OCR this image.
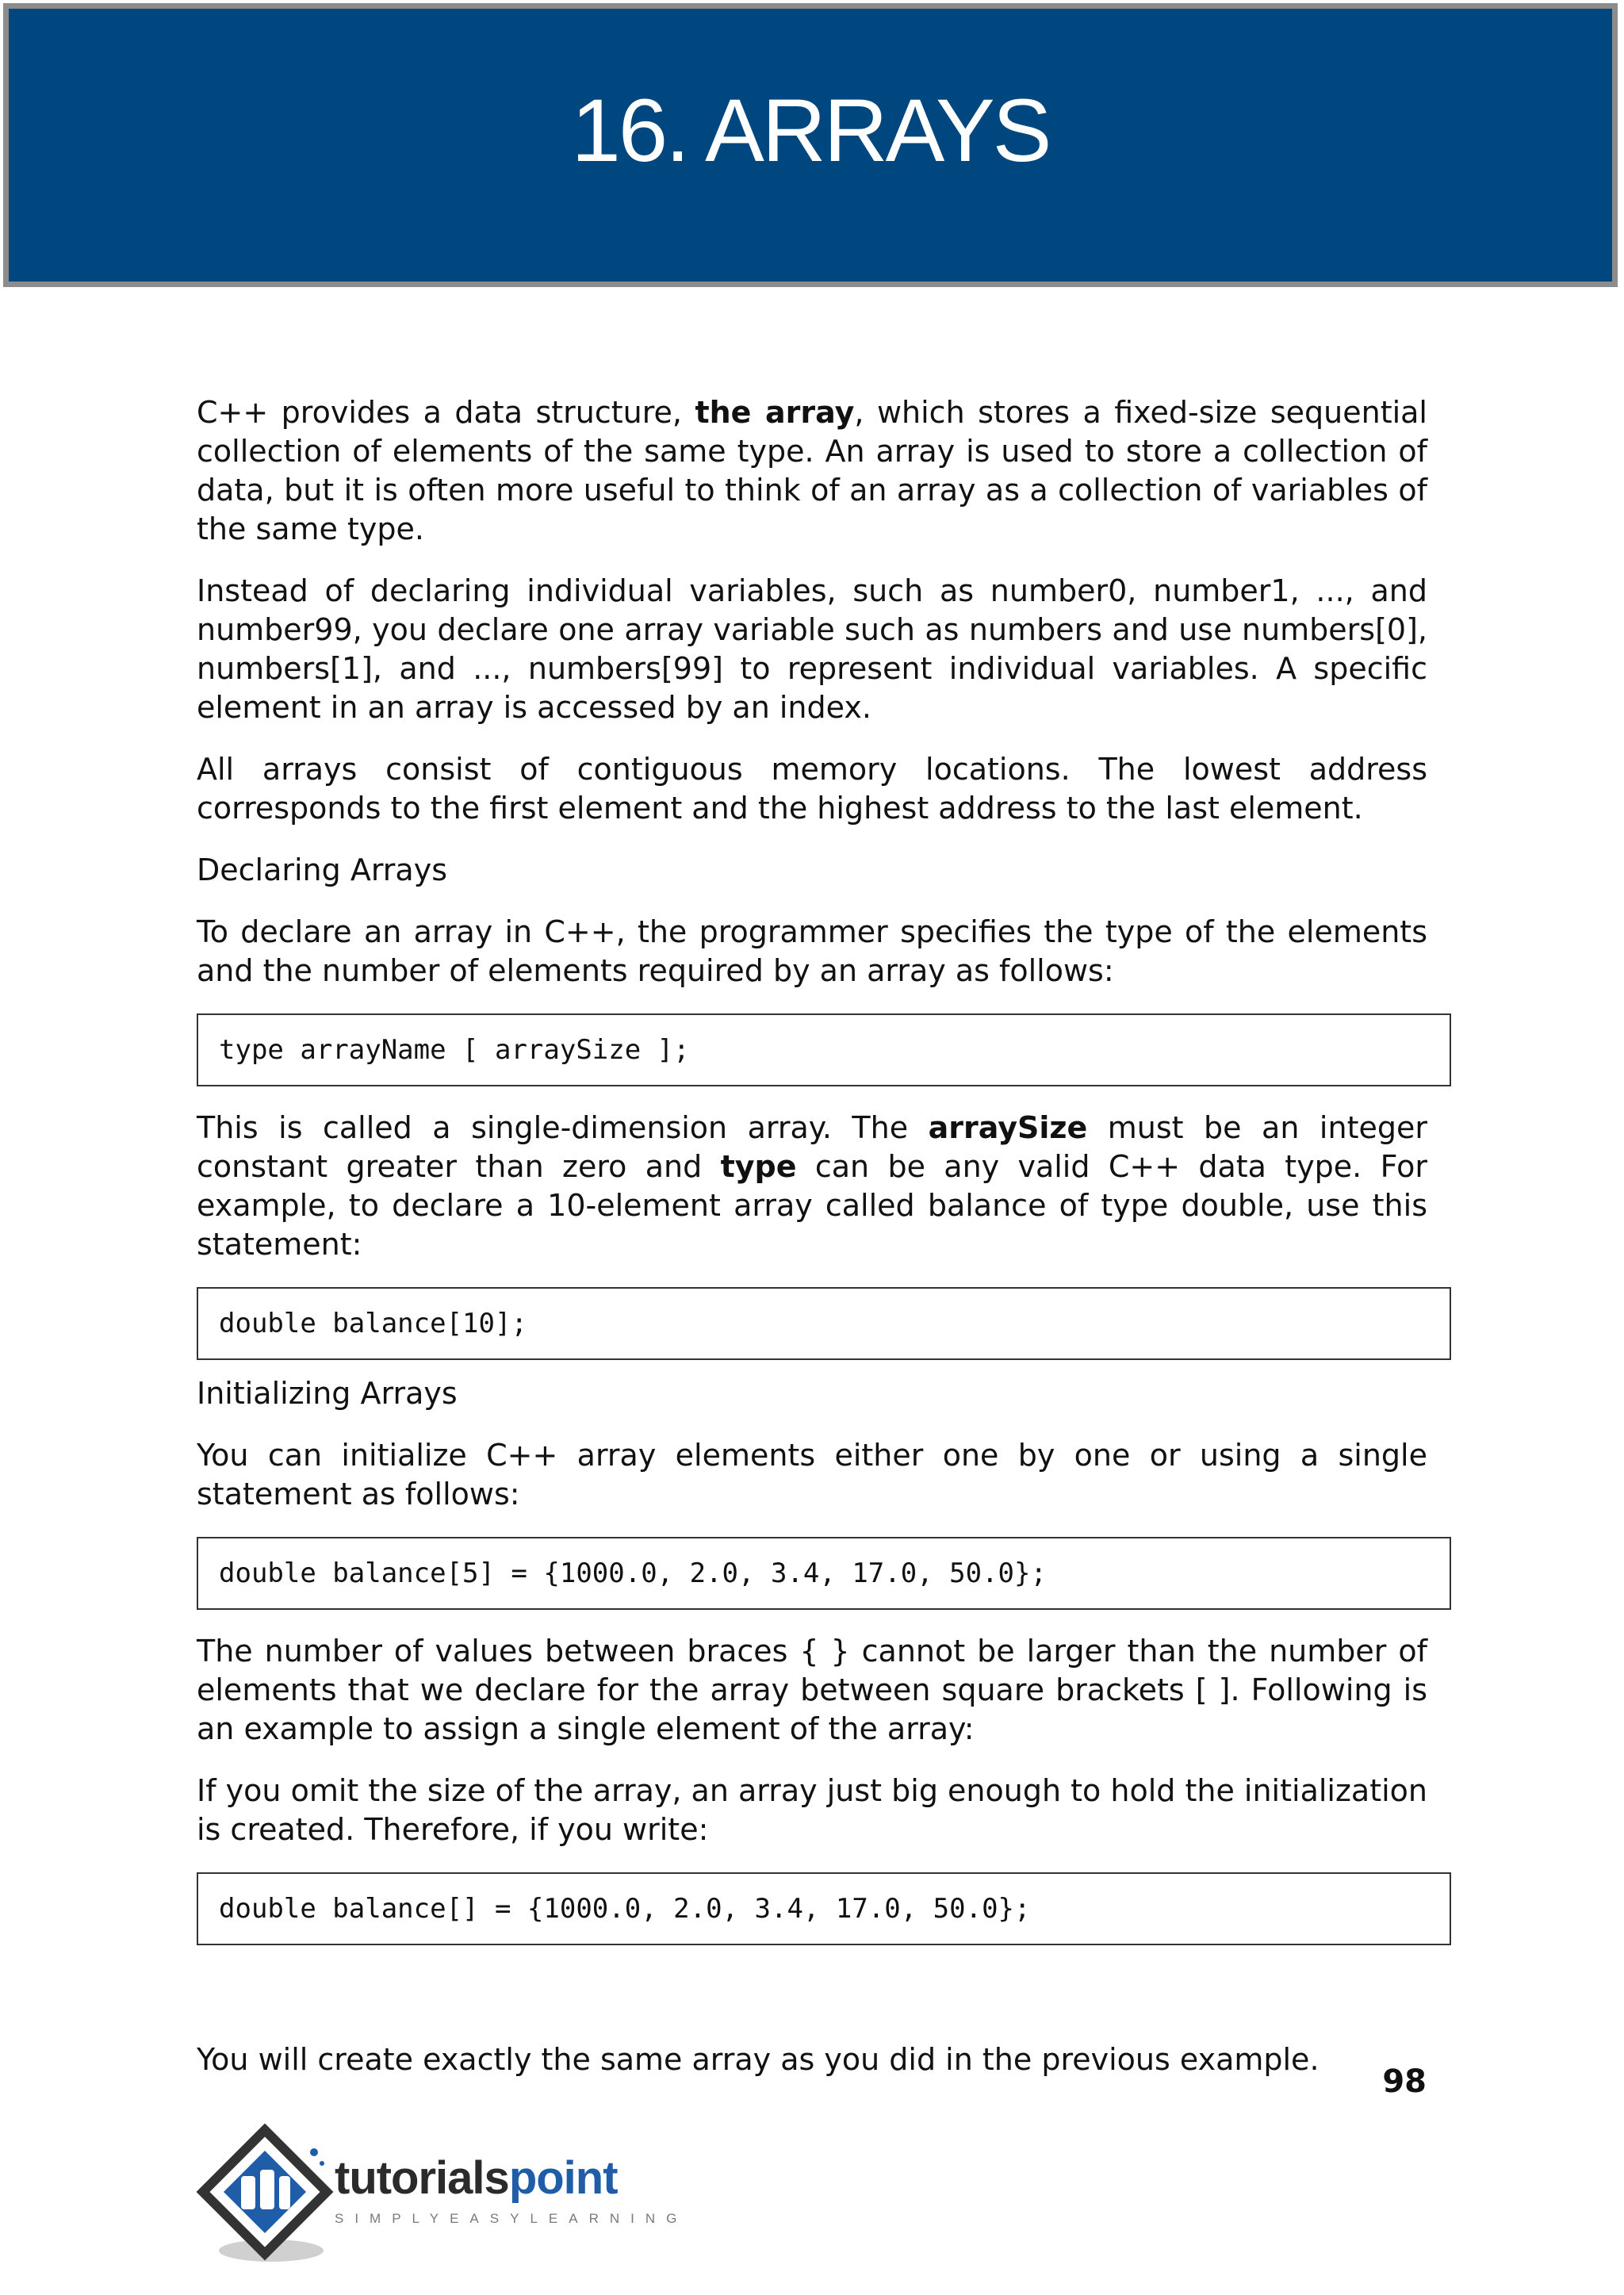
16. ARRAYS

C++ provides a data structure, the array, which stores a fixed-size sequential collection of elements of the same type. An array is used to store a collection of data, but it is often more useful to think of an array as a collection of variables of the same type.

Instead of declaring individual variables, such as number0, number1, ..., and number99, you declare one array variable such as numbers and use numbers[0], numbers[1], and ..., numbers[99] to represent individual variables. A specific element in an array is accessed by an index.

All arrays consist of contiguous memory locations. The lowest address corresponds to the first element and the highest address to the last element.

Declaring Arrays

To declare an array in C++, the programmer specifies the type of the elements and the number of elements required by an array as follows:

type arrayName [ arraySize ];

This is called a single-dimension array. The arraySize must be an integer constant greater than zero and type can be any valid C++ data type. For example, to declare a 10-element array called balance of type double, use this statement:

double balance[10];
Initializing Arrays

You can initialize C++ array elements either one by one or using a single statement as follows:

double balance[5] = {1000.0, 2.0, 3.4, 17.0, 50.0};

The number of values between braces { } cannot be larger than the number of elements that we declare for the array between square brackets [ ]. Following is an example to assign a single element of the array:

If you omit the size of the array, an array just big enough to hold the initialization is created. Therefore, if you write:

double balance[] = {1000.0, 2.0, 3.4, 17.0, 50.0};

You will create exactly the same array as you did in the previous example.

98
tutorialspoint
SIMPLYEASYLEARNING
